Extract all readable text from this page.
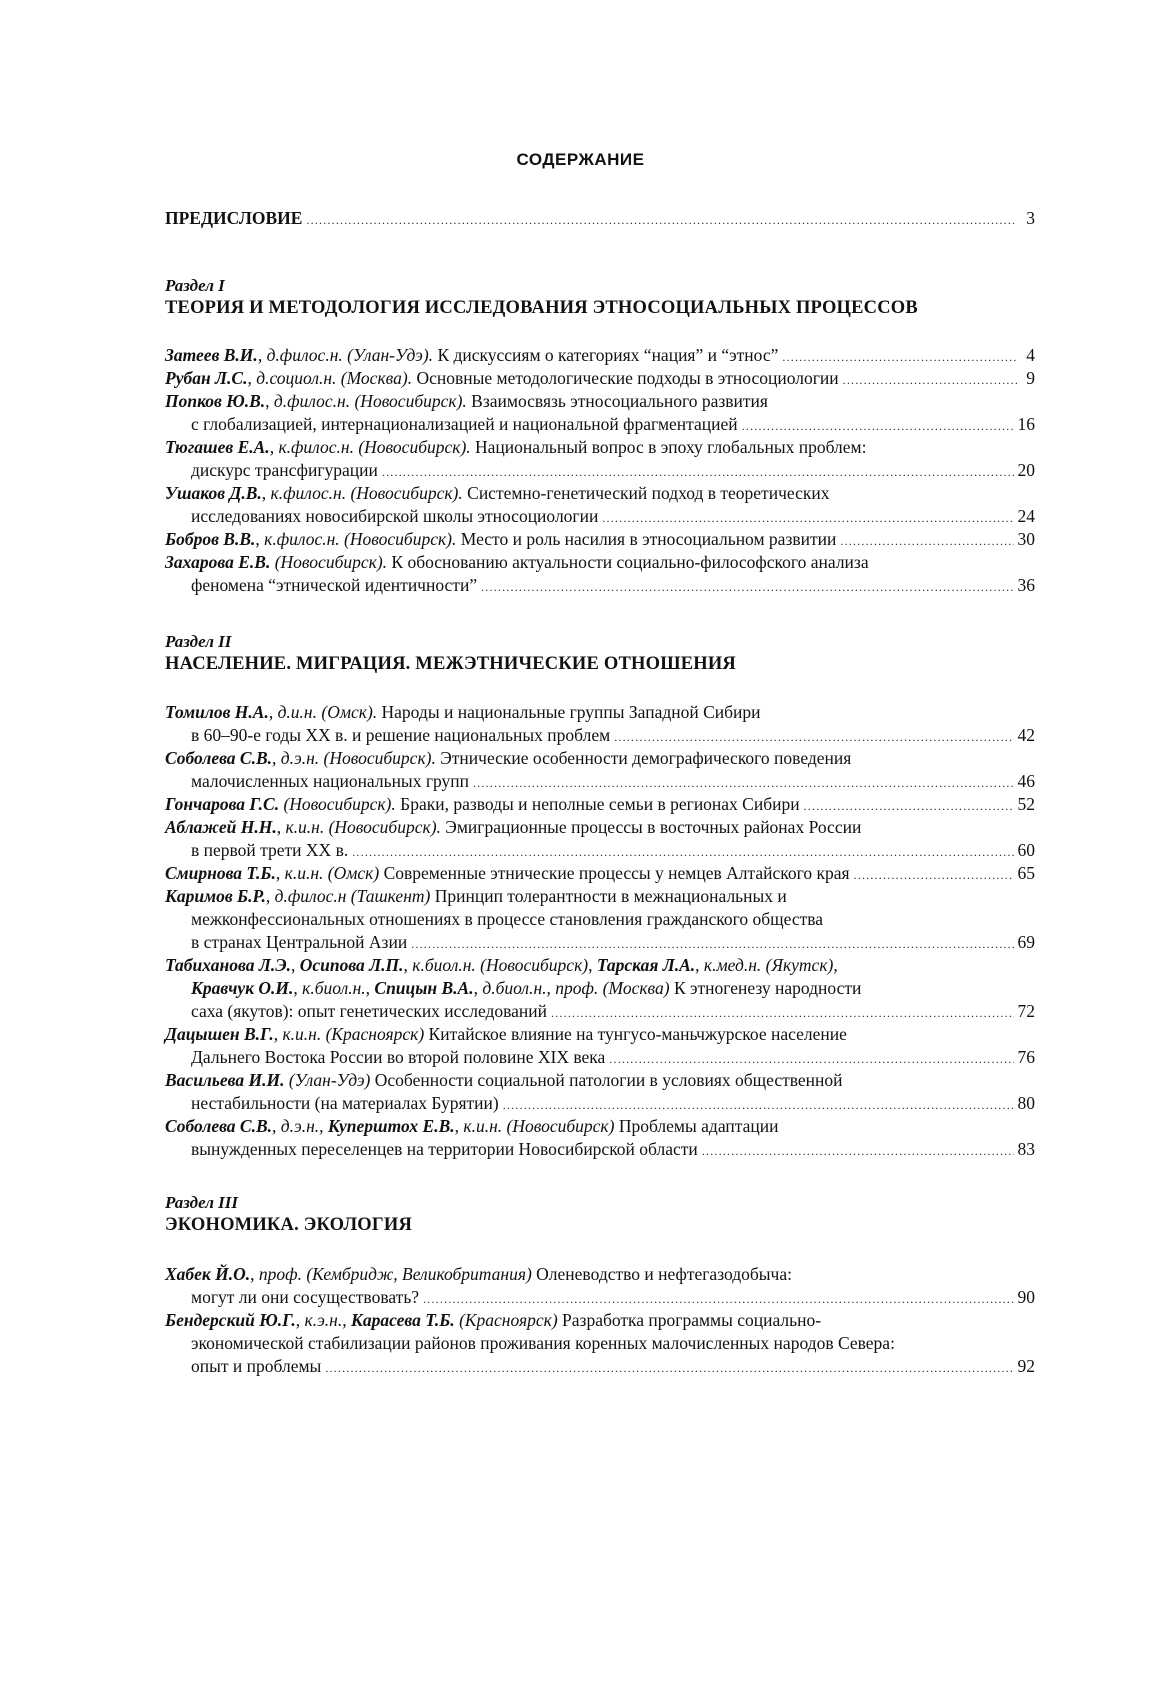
СОДЕРЖАНИЕ
ПРЕДИСЛОВИЕ .....	3
Раздел I
ТЕОРИЯ И МЕТОДОЛОГИЯ ИССЛЕДОВАНИЯ ЭТНОСОЦИАЛЬНЫХ ПРОЦЕССОВ
Затеев В.И., д.филос.н. (Улан-Удэ). К дискуссиям о категориях “нация” и “этнос” .....	4
Рубан Л.С., д.социол.н. (Москва). Основные методологические подходы в этносоциологии .....	9
Попков Ю.В., д.филос.н. (Новосибирск). Взаимосвязь этносоциального развития
с глобализацией, интернационализацией и национальной фрагментацией .....	16
Тюгашев Е.А., к.филос.н. (Новосибирск). Национальный вопрос в эпоху глобальных проблем:
дискурс трансфигурации .....	20
Ушаков Д.В., к.филос.н. (Новосибирск). Системно-генетический подход в теоретических
исследованиях новосибирской школы этносоциологии .....	24
Бобров В.В., к.филос.н. (Новосибирск). Место и роль насилия в этносоциальном развитии .....	30
Захарова Е.В. (Новосибирск). К обоснованию актуальности социально-философского анализа
феномена “этнической идентичности” .....	36
Раздел II
НАСЕЛЕНИЕ. МИГРАЦИЯ. МЕЖЭТНИЧЕСКИЕ ОТНОШЕНИЯ
Томилов Н.А., д.и.н. (Омск). Народы и национальные группы Западной Сибири
в 60–90-е годы XX в. и решение национальных проблем .....	42
Соболева С.В., д.э.н. (Новосибирск). Этнические особенности демографического поведения
малочисленных национальных групп .....	46
Гончарова Г.С. (Новосибирск). Браки, разводы и неполные семьи в регионах Сибири .....	52
Аблажей Н.Н., к.и.н. (Новосибирск). Эмиграционные процессы в восточных районах России
в первой трети XX в. .....	60
Смирнова Т.Б., к.и.н. (Омск) Современные этнические процессы у немцев Алтайского края .....	65
Каримов Б.Р., д.филос.н (Ташкент) Принцип толерантности в межнациональных и
межконфессиональных отношениях в процессе становления гражданского общества
в странах Центральной Азии .....	69
Табиханова Л.Э., Осипова Л.П., к.биол.н. (Новосибирск), Тарская Л.А., к.мед.н. (Якутск),
Кравчук О.И., к.биол.н., Спицын В.А., д.биол.н., проф. (Москва) К этногенезу народности
саха (якутов): опыт генетических исследований .....	72
Дацышен В.Г., к.и.н. (Красноярск) Китайское влияние на тунгусо-маньчжурское население
Дальнего Востока России во второй половине XIX века .....	76
Васильева И.И. (Улан-Удэ) Особенности социальной патологии в условиях общественной
нестабильности (на материалах Бурятии) .....	80
Соболева С.В., д.э.н., Куперштох Е.В., к.и.н. (Новосибирск) Проблемы адаптации
вынужденных переселенцев на территории Новосибирской области .....	83
Раздел III
ЭКОНОМИКА. ЭКОЛОГИЯ
Хабек Й.О., проф. (Кембридж, Великобритания) Оленеводство и нефтегазодобыча:
могут ли они сосуществовать? .....	90
Бендерский Ю.Г., к.э.н., Карасева Т.Б. (Красноярск) Разработка программы социально-
экономической стабилизации районов проживания коренных малочисленных народов Севера:
опыт и проблемы .....	92
